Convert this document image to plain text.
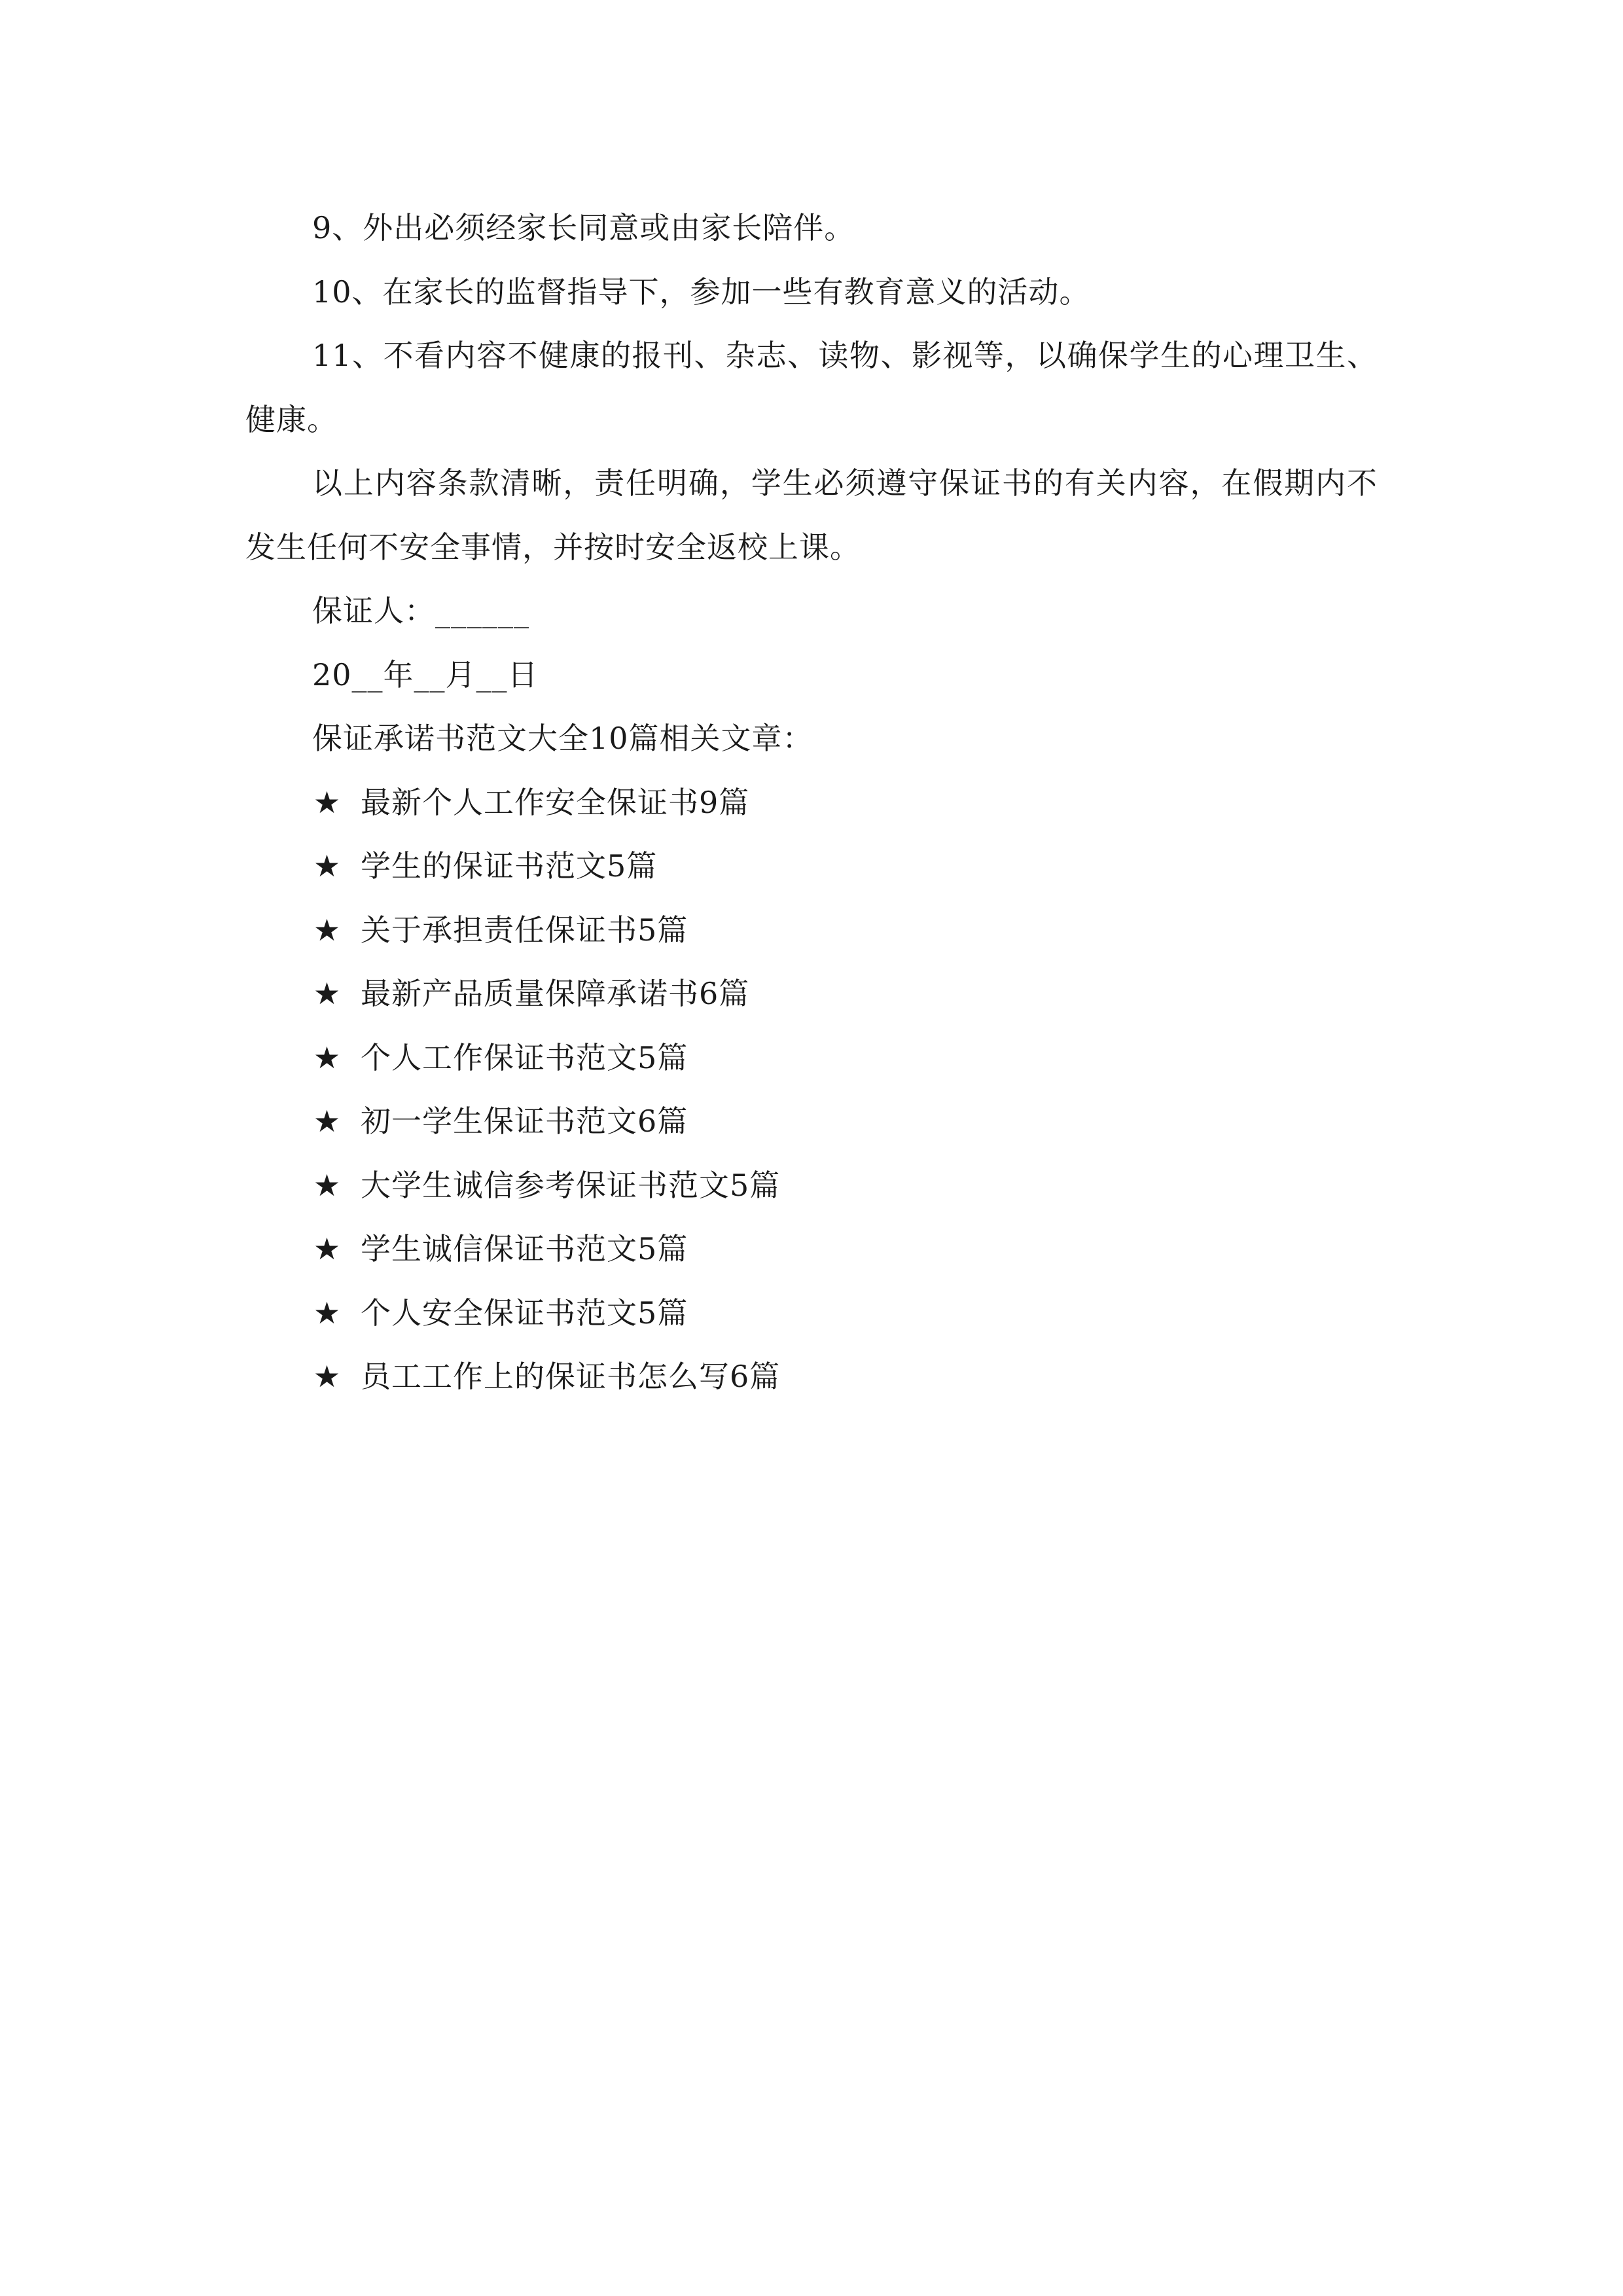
9、外出必须经家长同意或由家长陪伴。

10、在家长的监督指导下，参加一些有教育意义的活动。

11、不看内容不健康的报刊、杂志、读物、影视等，以确保学生的心理卫生、健康。

以上内容条款清晰，责任明确，学生必须遵守保证书的有关内容，在假期内不发生任何不安全事情，并按时安全返校上课。

保证人：______

20__年__月__日

保证承诺书范文大全10篇相关文章：

★ 最新个人工作安全保证书9篇
★ 学生的保证书范文5篇
★ 关于承担责任保证书5篇
★ 最新产品质量保障承诺书6篇
★ 个人工作保证书范文5篇
★ 初一学生保证书范文6篇
★ 大学生诚信参考保证书范文5篇
★ 学生诚信保证书范文5篇
★ 个人安全保证书范文5篇
★ 员工工作上的保证书怎么写6篇
